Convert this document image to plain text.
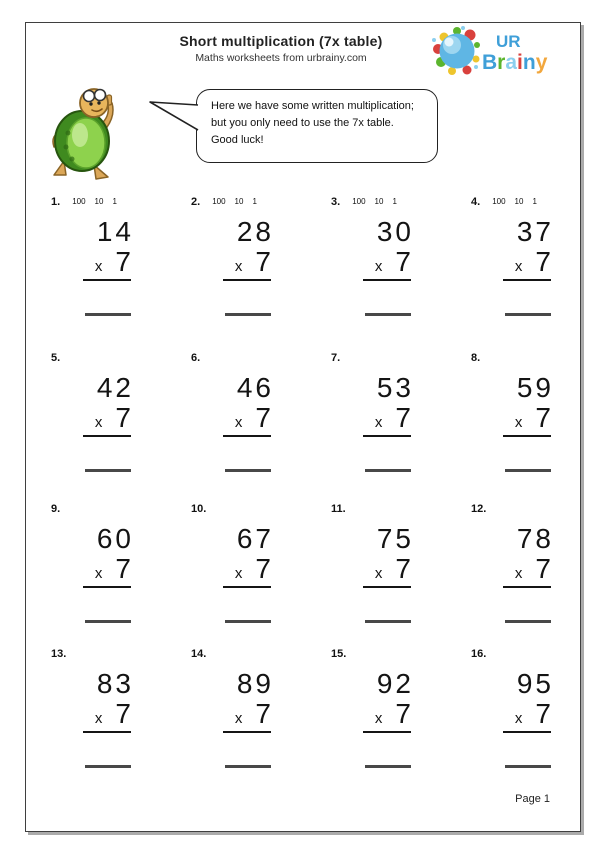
Short multiplication (7x table)
Maths worksheets from urbrainy.com
UR
Brainy
Here we have some written multiplication;
but you only need to use the 7x table.
Good luck!
1. 100 10 1
14
x 7
2. 100 10 1
28
x 7
3. 100 10 1
30
x 7
4. 100 10 1
37
x 7
5.
42
x 7
6.
46
x 7
7.
53
x 7
8.
59
x 7
9.
60
x 7
10.
67
x 7
11.
75
x 7
12.
78
x 7
13.
83
x 7
14.
89
x 7
15.
92
x 7
16.
95
x 7
Page 1
